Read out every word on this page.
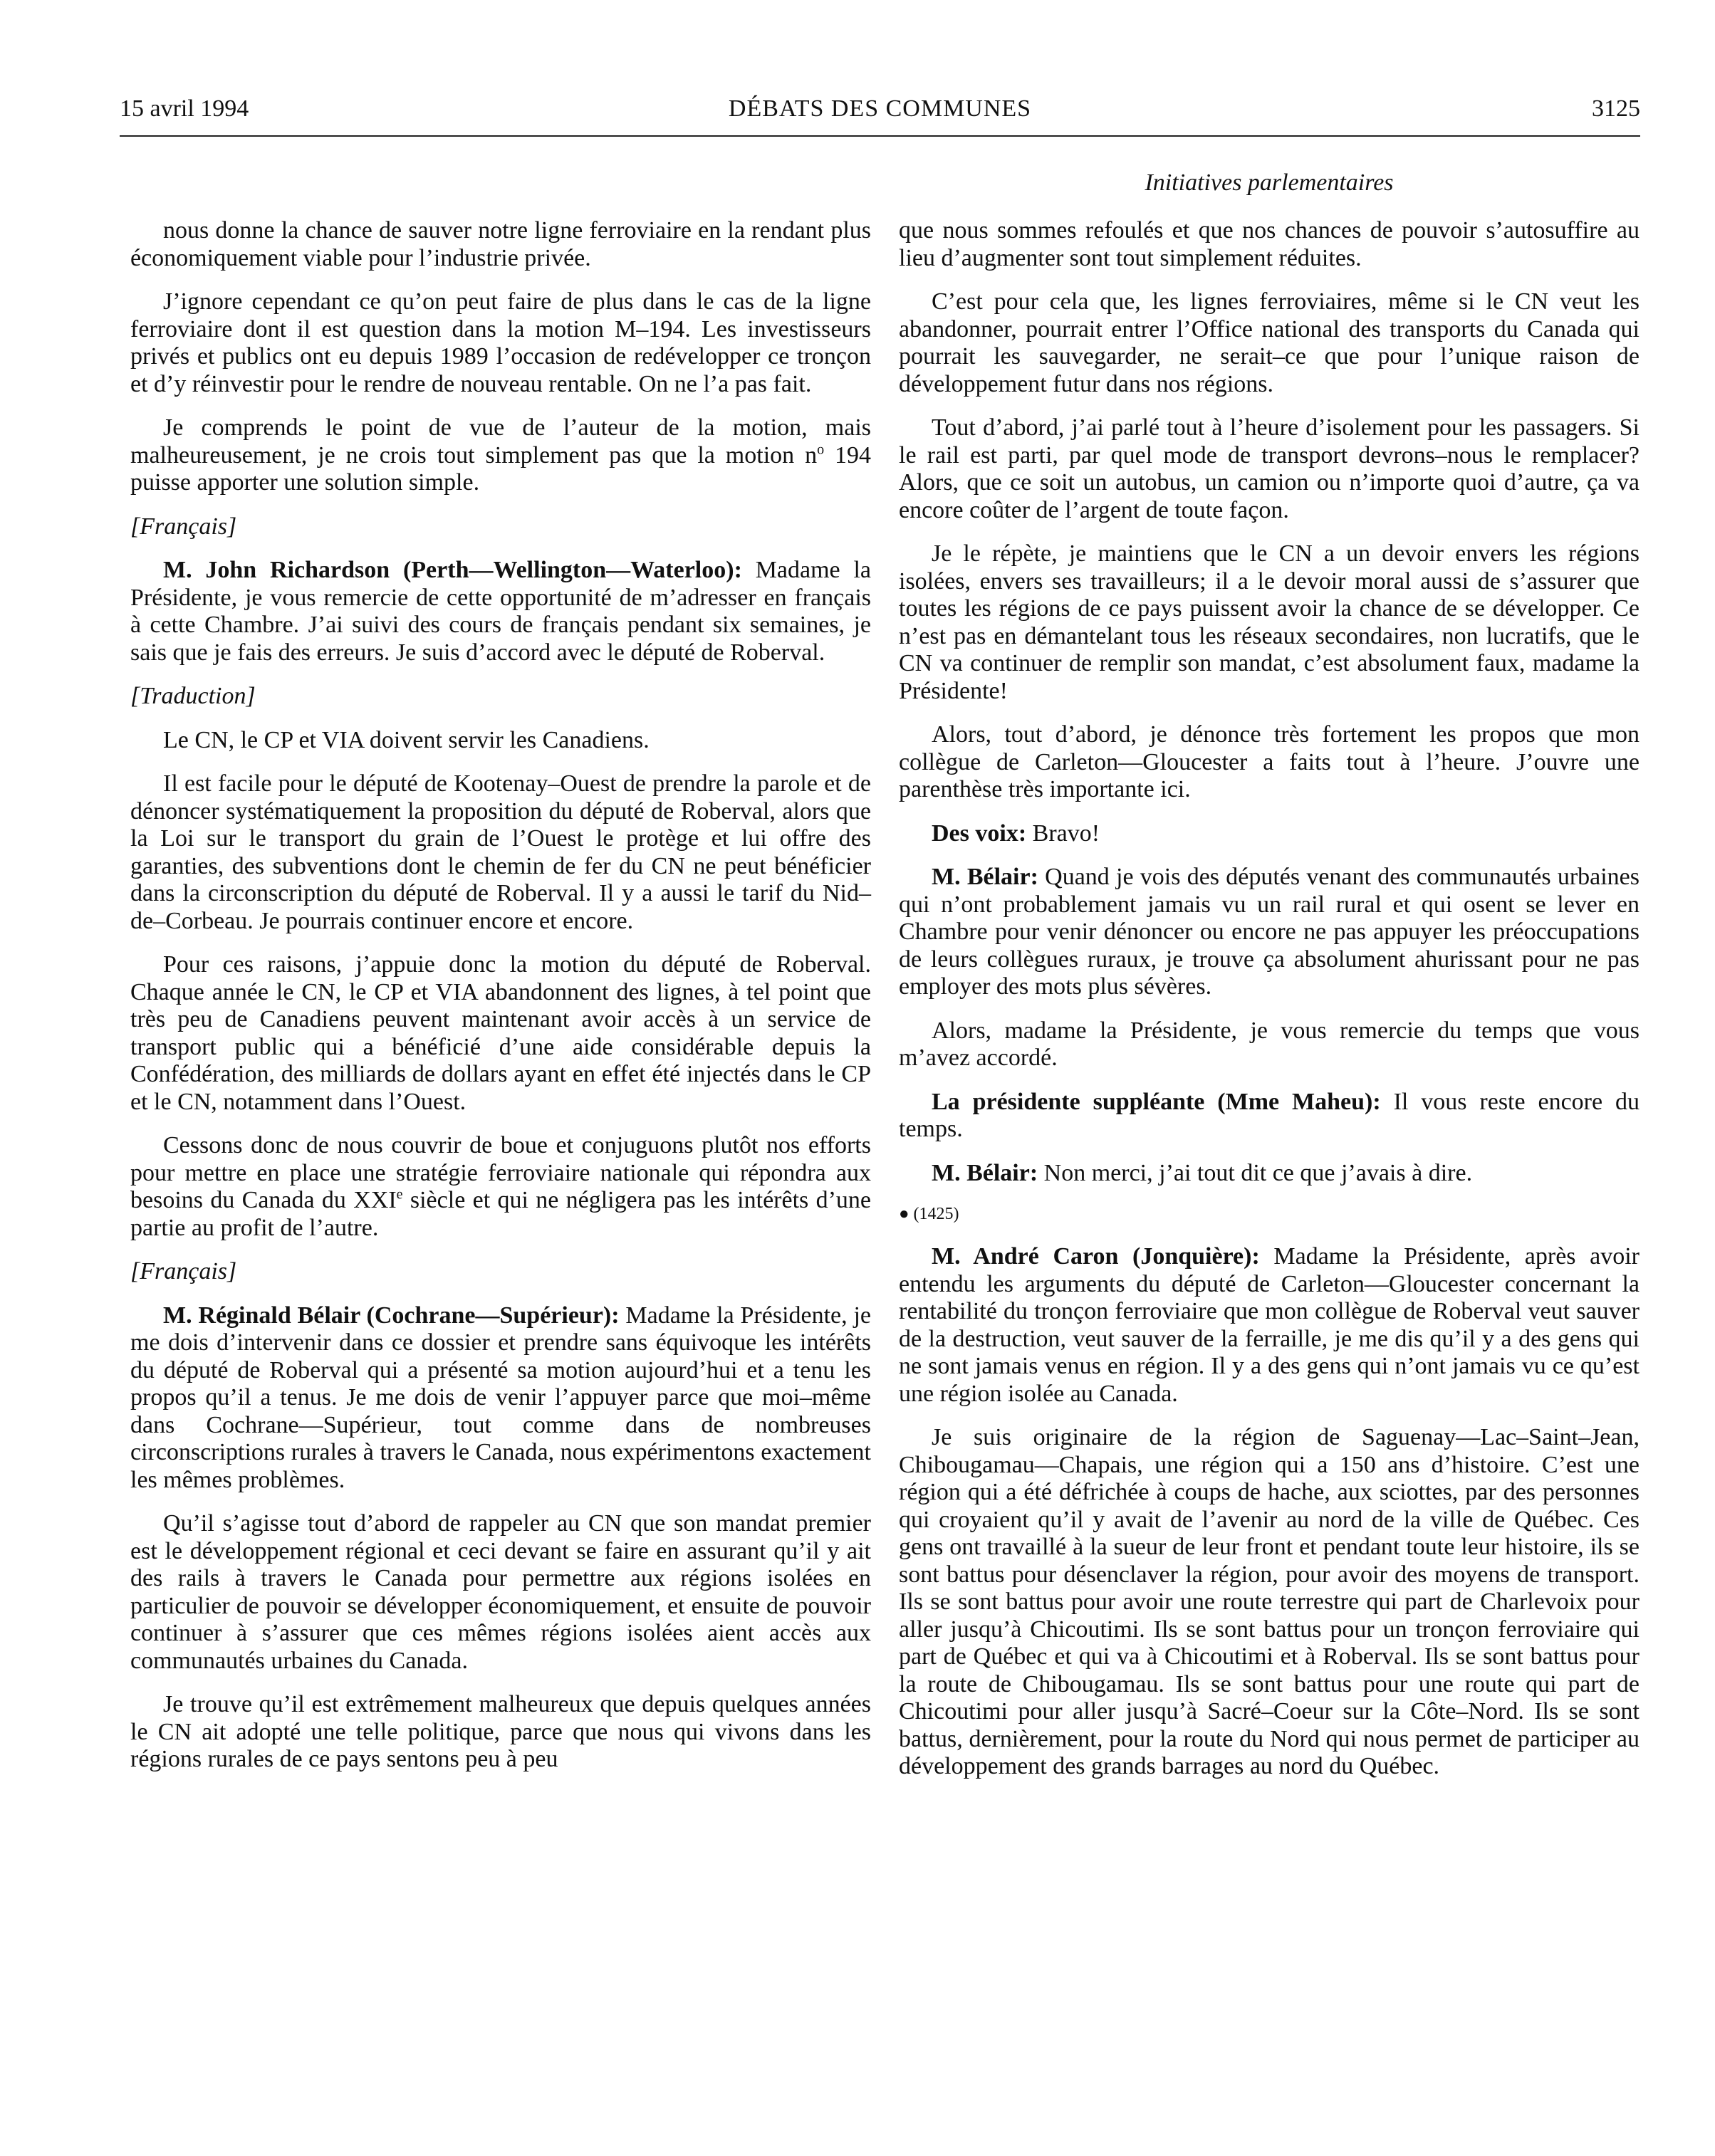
15 avril 1994	DÉBATS DES COMMUNES	3125
Initiatives parlementaires

nous donne la chance de sauver notre ligne ferroviaire en la rendant plus économiquement viable pour l’industrie privée.

J’ignore cependant ce qu’on peut faire de plus dans le cas de la ligne ferroviaire dont il est question dans la motion M–194. Les investisseurs privés et publics ont eu depuis 1989 l’occasion de redévelopper ce tronçon et d’y réinvestir pour le rendre de nouveau rentable. On ne l’a pas fait.

Je comprends le point de vue de l’auteur de la motion, mais malheureusement, je ne crois tout simplement pas que la motion $n^o$ 194 puisse apporter une solution simple.

[Français]

M. John Richardson (Perth—Wellington—Waterloo): Madame la Présidente, je vous remercie de cette opportunité de m’adresser en français à cette Chambre. J’ai suivi des cours de français pendant six semaines, je sais que je fais des erreurs. Je suis d’accord avec le député de Roberval.

[Traduction]

Le CN, le CP et VIA doivent servir les Canadiens.

Il est facile pour le député de Kootenay–Ouest de prendre la parole et de dénoncer systématiquement la proposition du député de Roberval, alors que la Loi sur le transport du grain de l’Ouest le protège et lui offre des garanties, des subventions dont le chemin de fer du CN ne peut bénéficier dans la circonscription du député de Roberval. Il y a aussi le tarif du Nid–de–Corbeau. Je pourrais continuer encore et encore.

Pour ces raisons, j’appuie donc la motion du député de Roberval. Chaque année le CN, le CP et VIA abandonnent des lignes, à tel point que très peu de Canadiens peuvent maintenant avoir accès à un service de transport public qui a bénéficié d’une aide considérable depuis la Confédération, des milliards de dollars ayant en effet été injectés dans le CP et le CN, notamment dans l’Ouest.

Cessons donc de nous couvrir de boue et conjuguons plutôt nos efforts pour mettre en place une stratégie ferroviaire nationale qui répondra aux besoins du Canada du XXIe siècle et qui ne négligera pas les intérêts d’une partie au profit de l’autre.

[Français]

M. Réginald Bélair (Cochrane—Supérieur): Madame la Présidente, je me dois d’intervenir dans ce dossier et prendre sans équivoque les intérêts du député de Roberval qui a présenté sa motion aujourd’hui et a tenu les propos qu’il a tenus. Je me dois de venir l’appuyer parce que moi–même dans Cochrane—Supérieur, tout comme dans de nombreuses circonscriptions rurales à travers le Canada, nous expérimentons exactement les mêmes problèmes.

Qu’il s’agisse tout d’abord de rappeler au CN que son mandat premier est le développement régional et ceci devant se faire en assurant qu’il y ait des rails à travers le Canada pour permettre aux régions isolées en particulier de pouvoir se développer économiquement, et ensuite de pouvoir continuer à s’assurer que ces mêmes régions isolées aient accès aux communautés urbaines du Canada.

Je trouve qu’il est extrêmement malheureux que depuis quelques années le CN ait adopté une telle politique, parce que nous qui vivons dans les régions rurales de ce pays sentons peu à peu

que nous sommes refoulés et que nos chances de pouvoir s’autosuffire au lieu d’augmenter sont tout simplement réduites.

C’est pour cela que, les lignes ferroviaires, même si le CN veut les abandonner, pourrait entrer l’Office national des transports du Canada qui pourrait les sauvegarder, ne serait–ce que pour l’unique raison de développement futur dans nos régions.

Tout d’abord, j’ai parlé tout à l’heure d’isolement pour les passagers. Si le rail est parti, par quel mode de transport devrons–nous le remplacer? Alors, que ce soit un autobus, un camion ou n’importe quoi d’autre, ça va encore coûter de l’argent de toute façon.

Je le répète, je maintiens que le CN a un devoir envers les régions isolées, envers ses travailleurs; il a le devoir moral aussi de s’assurer que toutes les régions de ce pays puissent avoir la chance de se développer. Ce n’est pas en démantelant tous les réseaux secondaires, non lucratifs, que le CN va continuer de remplir son mandat, c’est absolument faux, madame la Présidente!

Alors, tout d’abord, je dénonce très fortement les propos que mon collègue de Carleton—Gloucester a faits tout à l’heure. J’ouvre une parenthèse très importante ici.

Des voix: Bravo!

M. Bélair: Quand je vois des députés venant des communautés urbaines qui n’ont probablement jamais vu un rail rural et qui osent se lever en Chambre pour venir dénoncer ou encore ne pas appuyer les préoccupations de leurs collègues ruraux, je trouve ça absolument ahurissant pour ne pas employer des mots plus sévères.

Alors, madame la Présidente, je vous remercie du temps que vous m’avez accordé.

La présidente suppléante (Mme Maheu): Il vous reste encore du temps.

M. Bélair: Non merci, j’ai tout dit ce que j’avais à dire.

● (1425)

M. André Caron (Jonquière): Madame la Présidente, après avoir entendu les arguments du député de Carleton—Gloucester concernant la rentabilité du tronçon ferroviaire que mon collègue de Roberval veut sauver de la destruction, veut sauver de la ferraille, je me dis qu’il y a des gens qui ne sont jamais venus en région. Il y a des gens qui n’ont jamais vu ce qu’est une région isolée au Canada.

Je suis originaire de la région de Saguenay—Lac–Saint–Jean, Chibougamau—Chapais, une région qui a 150 ans d’histoire. C’est une région qui a été défrichée à coups de hache, aux sciottes, par des personnes qui croyaient qu’il y avait de l’avenir au nord de la ville de Québec. Ces gens ont travaillé à la sueur de leur front et pendant toute leur histoire, ils se sont battus pour désenclaver la région, pour avoir des moyens de transport. Ils se sont battus pour avoir une route terrestre qui part de Charlevoix pour aller jusqu’à Chicoutimi. Ils se sont battus pour un tronçon ferroviaire qui part de Québec et qui va à Chicoutimi et à Roberval. Ils se sont battus pour la route de Chibougamau. Ils se sont battus pour une route qui part de Chicoutimi pour aller jusqu’à Sacré–Coeur sur la Côte–Nord. Ils se sont battus, dernièrement, pour la route du Nord qui nous permet de participer au développement des grands barrages au nord du Québec.
